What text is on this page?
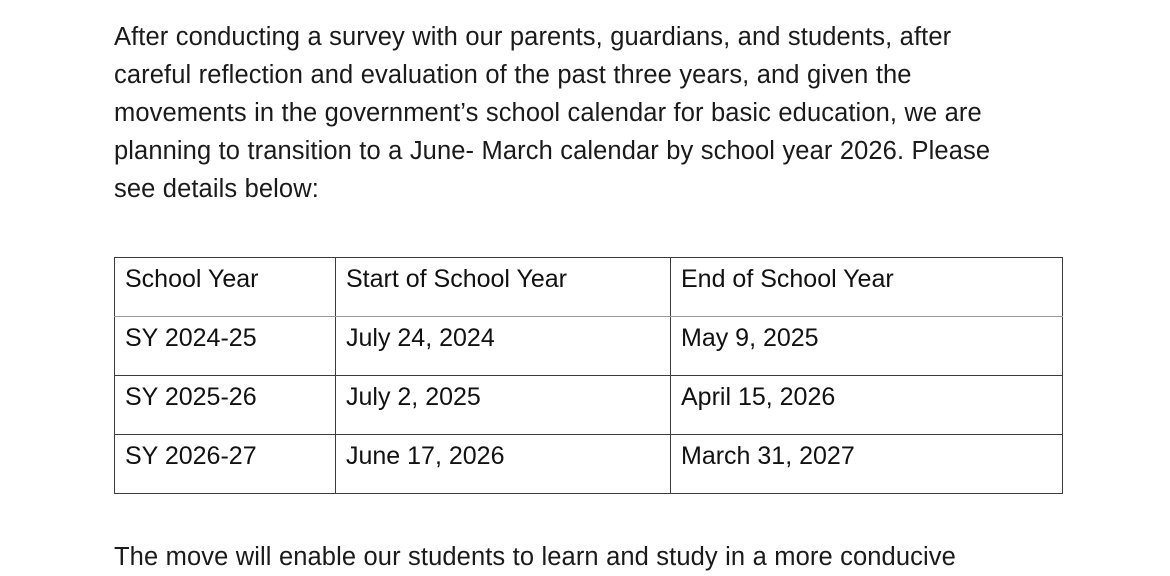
After conducting a survey with our parents, guardians, and students, after
careful reflection and evaluation of the past three years, and given the
movements in the government’s school calendar for basic education, we are
planning to transition to a June- March calendar by school year 2026. Please
see details below:
School Year	Start of School Year	End of School Year
SY 2024-25	July 24, 2024	May 9, 2025
SY 2025-26	July 2, 2025	April 15, 2026
SY 2026-27	June 17, 2026	March 31, 2027
The move will enable our students to learn and study in a more conducive
